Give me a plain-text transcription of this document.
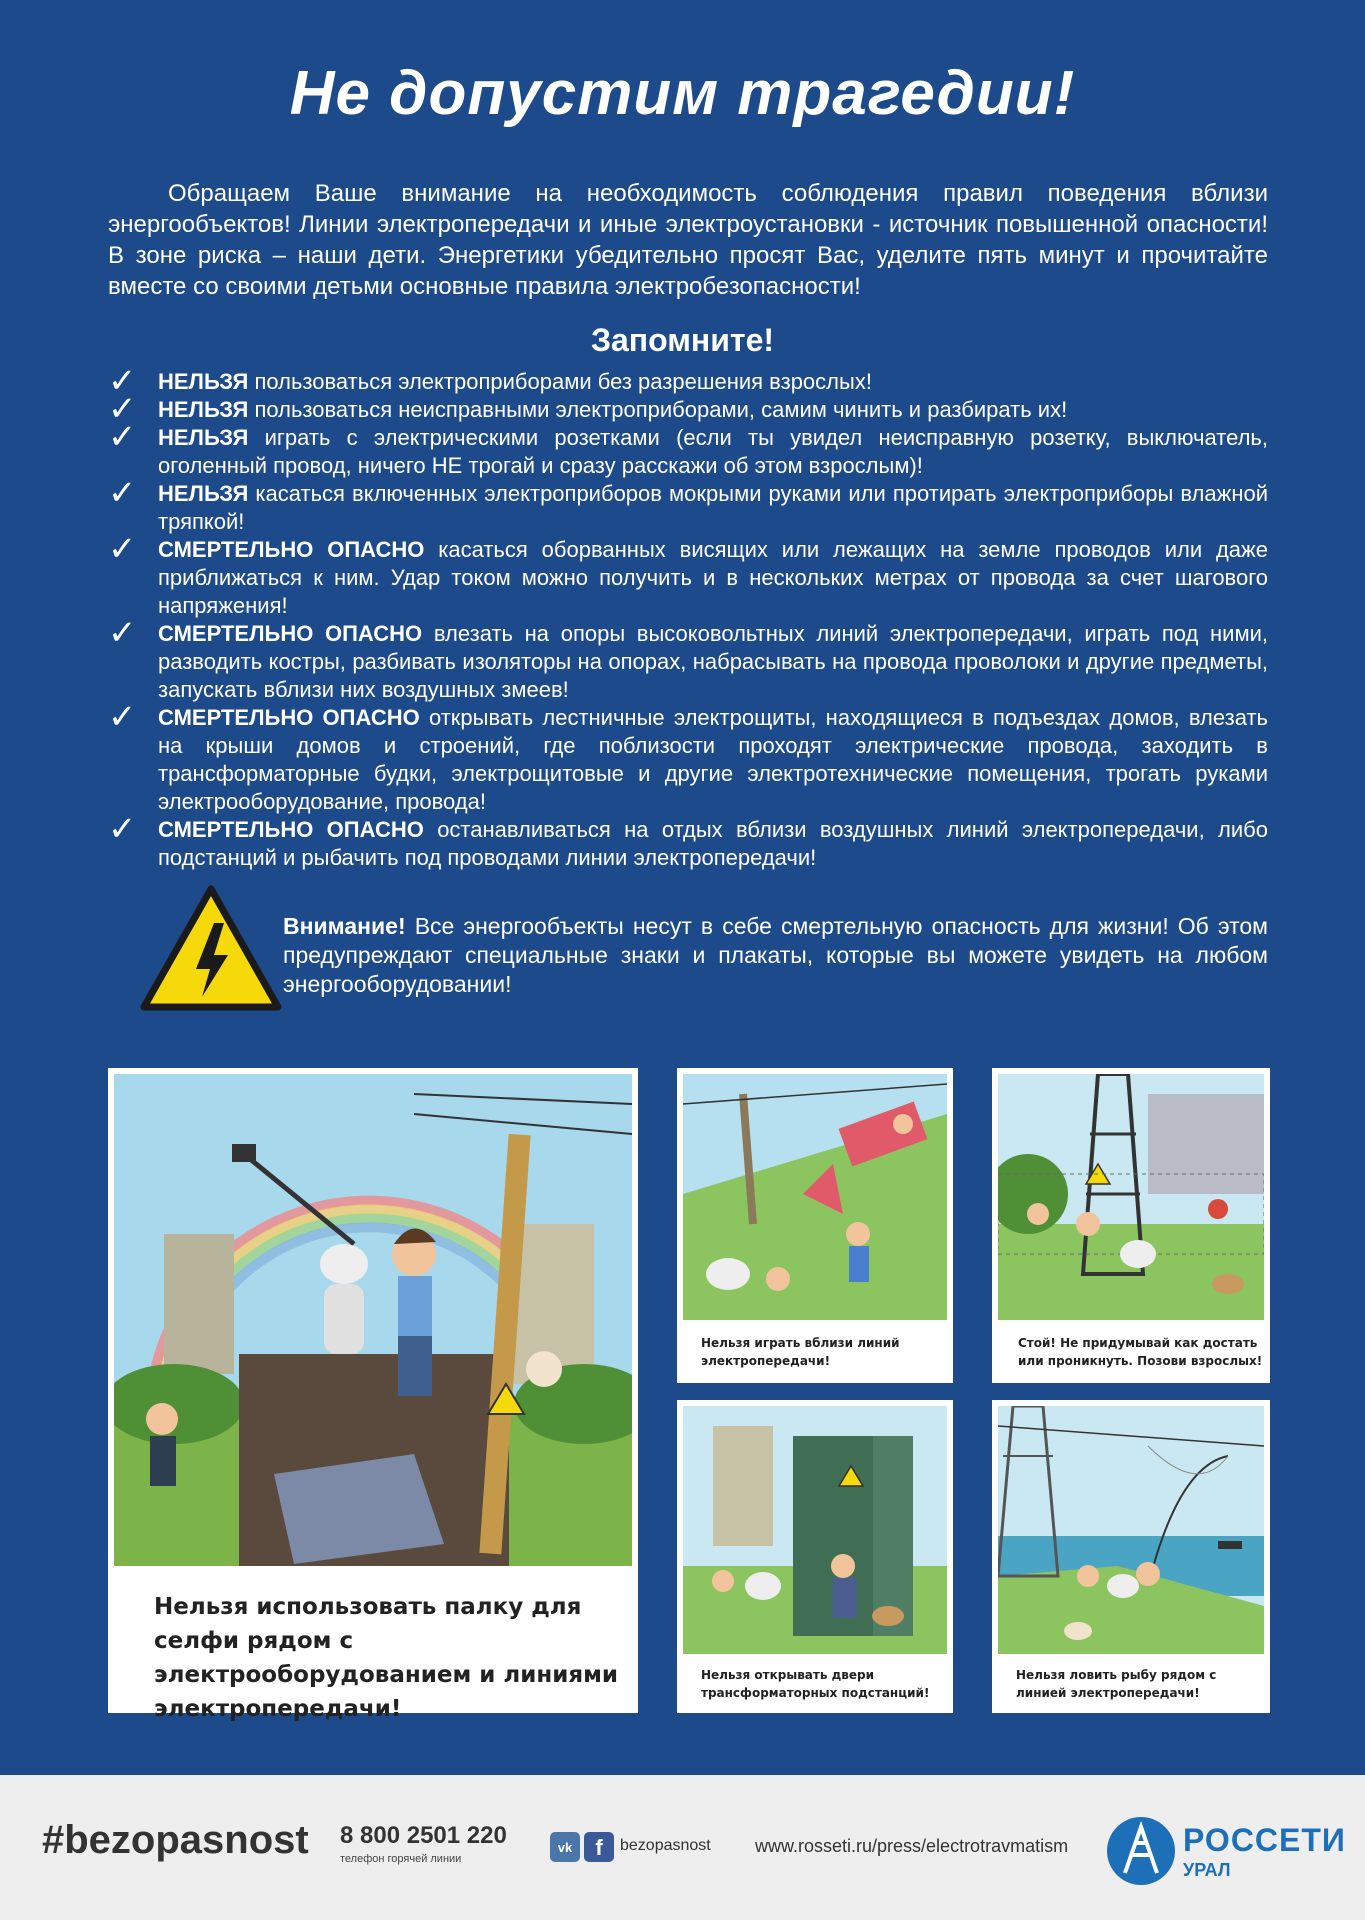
Не допустим трагедии!
Обращаем Ваше внимание на необходимость соблюдения правил поведения вблизи энергообъектов! Линии электропередачи и иные электроустановки - источник повышенной опасности! В зоне риска – наши дети. Энергетики убедительно просят Вас, уделите пять минут и прочитайте вместе со своими детьми основные правила электробезопасности!
Запомните!
✓ НЕЛЬЗЯ пользоваться электроприборами без разрешения взрослых!
✓ НЕЛЬЗЯ пользоваться неисправными электроприборами, самим чинить и разбирать их!
✓ НЕЛЬЗЯ играть с электрическими розетками (если ты увидел неисправную розетку, выключатель, оголенный провод, ничего НЕ трогай и сразу расскажи об этом взрослым)!
✓ НЕЛЬЗЯ касаться включенных электроприборов мокрыми руками или протирать электроприборы влажной тряпкой!
✓ СМЕРТЕЛЬНО ОПАСНО касаться оборванных висящих или лежащих на земле проводов или даже приближаться к ним. Удар током можно получить и в нескольких метрах от провода за счет шагового напряжения!
✓ СМЕРТЕЛЬНО ОПАСНО влезать на опоры высоковольтных линий электропередачи, играть под ними, разводить костры, разбивать изоляторы на опорах, набрасывать на провода проволоки и другие предметы, запускать вблизи них воздушных змеев!
✓ СМЕРТЕЛЬНО ОПАСНО открывать лестничные электрощиты, находящиеся в подъездах домов, влезать на крыши домов и строений, где поблизости проходят электрические провода, заходить в трансформаторные будки, электрощитовые и другие электротехнические помещения, трогать руками электрооборудование, провода!
✓ СМЕРТЕЛЬНО ОПАСНО останавливаться на отдых вблизи воздушных линий электропередачи, либо подстанций и рыбачить под проводами линии электропередачи!
Внимание! Все энергообъекты несут в себе смертельную опасность для жизни! Об этом предупреждают специальные знаки и плакаты, которые вы можете увидеть на любом энергооборудовании!
Нельзя использовать палку для селфи рядом с электрооборудованием и линиями электропередачи!
Нельзя играть вблизи линий электропередачи!
Стой! Не придумывай как достать или проникнуть. Позови взрослых!
Нельзя открывать двери трансформаторных подстанций!
Нельзя ловить рыбу рядом с линией электропередачи!
#bezopasnost 8 800 2501 220
телефон горячей линии
vk f bezopasnost www.rosseti.ru/press/electrotravmatism	РОССЕТИ
УРАЛ
